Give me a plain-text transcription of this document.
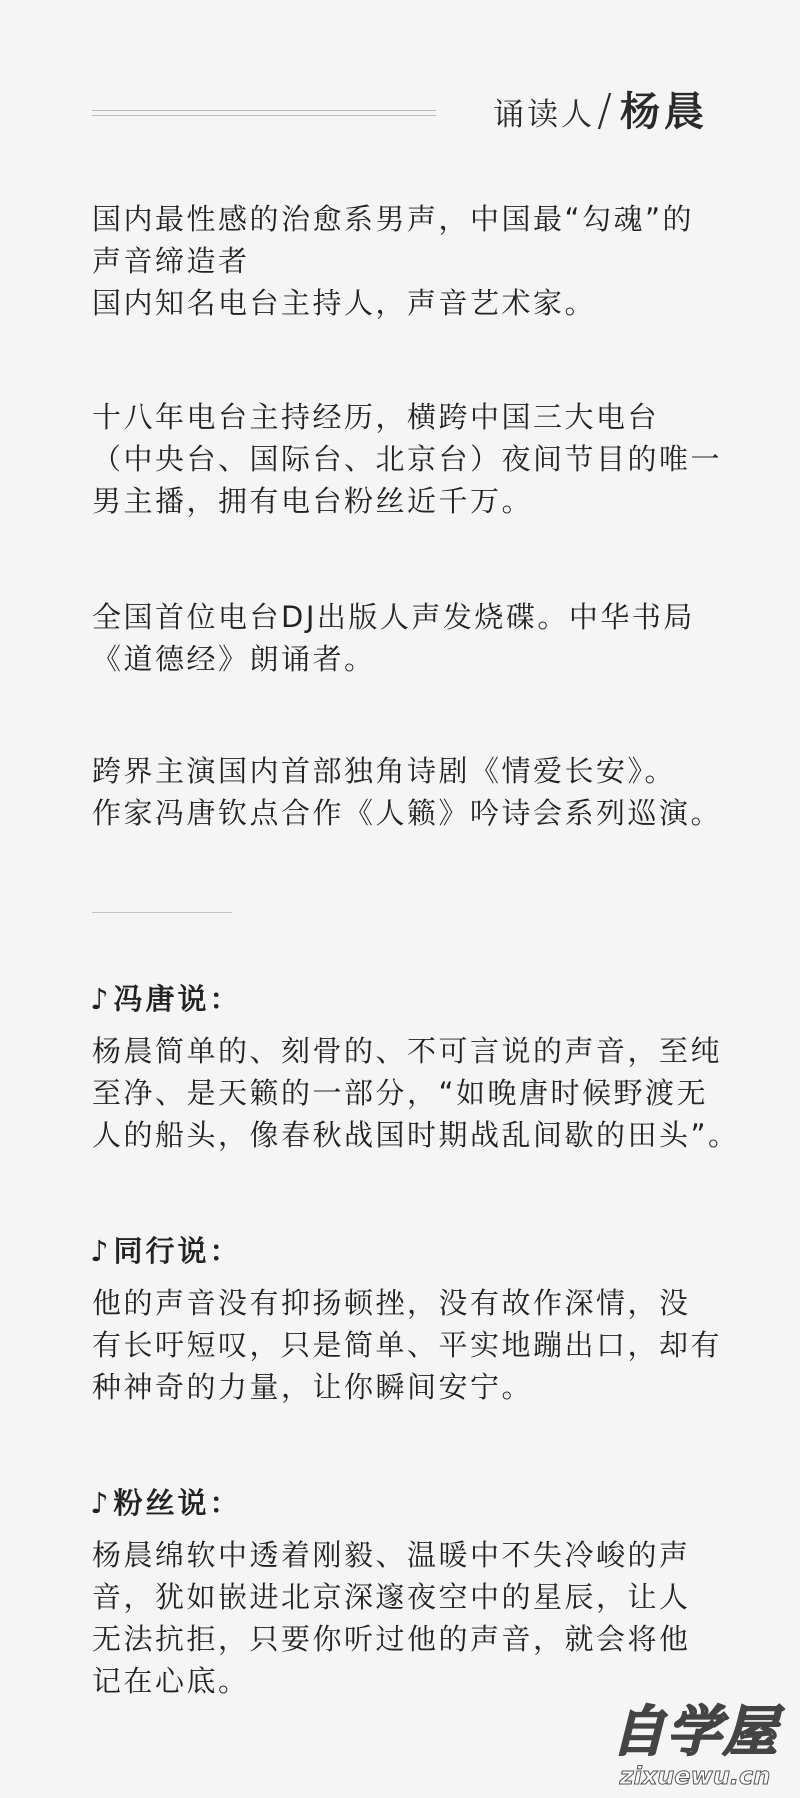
诵读人 / 杨晨
国内最性感的治愈系男声，中国最“勾魂”的
声音缔造者
国内知名电台主持人，声音艺术家。
十八年电台主持经历，横跨中国三大电台
（中央台、国际台、北京台）夜间节目的唯一
男主播，拥有电台粉丝近千万。
全国首位电台DJ出版人声发烧碟。中华书局
《道德经》朗诵者。
跨界主演国内首部独角诗剧《情爱长安》。
作家冯唐钦点合作《人籁》吟诗会系列巡演。
♪冯唐说：
杨晨简单的、刻骨的、不可言说的声音，至纯
至净、是天籁的一部分，“如晚唐时候野渡无
人的船头，像春秋战国时期战乱间歇的田头”。
♪同行说：
他的声音没有抑扬顿挫，没有故作深情，没
有长吁短叹，只是简单、平实地蹦出口，却有
种神奇的力量，让你瞬间安宁。
♪粉丝说：
杨晨绵软中透着刚毅、温暖中不失冷峻的声
音，犹如嵌进北京深邃夜空中的星辰，让人
无法抗拒，只要你听过他的声音，就会将他
记在心底。
自学屋
zixuewu.cn
